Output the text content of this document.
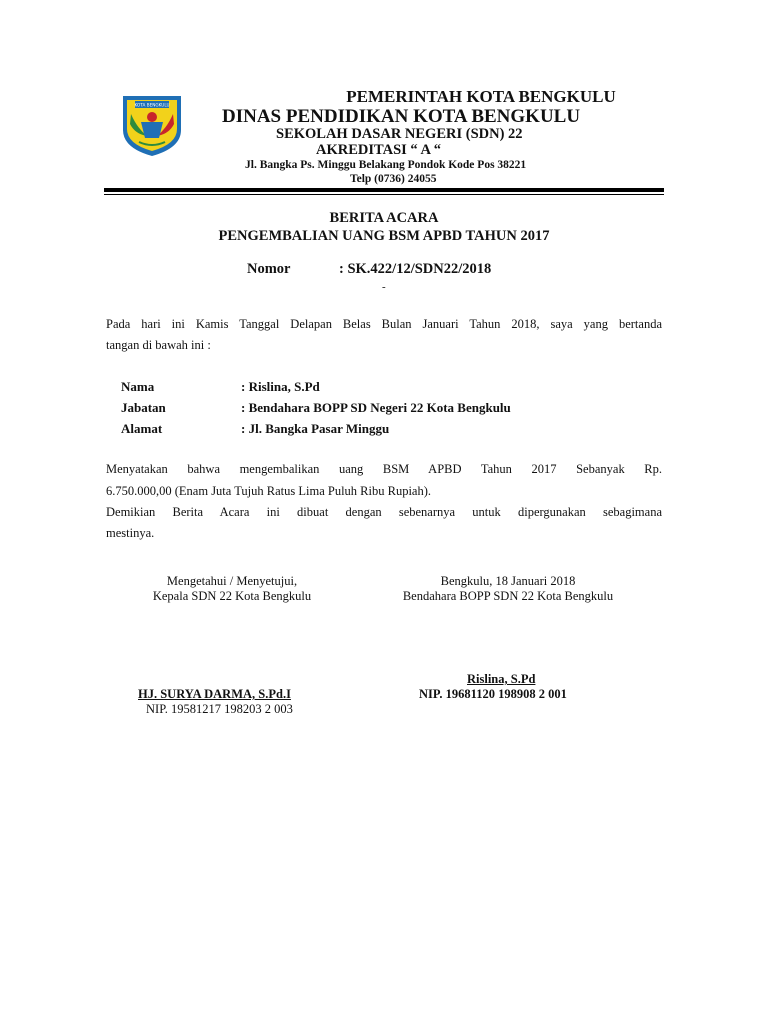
KOTA BENGKULU	PEMERINTAH KOTA BENGKULU
DINAS PENDIDIKAN KOTA BENGKULU
SEKOLAH DASAR NEGERI (SDN) 22
AKREDITASI “ A “
Jl. Bangka Ps. Minggu Belakang Pondok Kode Pos 38221
Telp (0736) 24055
BERITA ACARA
PENGEMBALIAN UANG BSM APBD TAHUN 2017
Nomor	: SK.422/12/SDN22/2018
-
Pada hari ini Kamis Tanggal Delapan Belas Bulan Januari Tahun 2018, saya yang bertanda
tangan di bawah ini :
Nama	: Rislina, S.Pd
Jabatan	: Bendahara BOPP SD Negeri 22 Kota Bengkulu
Alamat	: Jl. Bangka Pasar Minggu
Menyatakan bahwa mengembalikan uang BSM APBD Tahun 2017 Sebanyak Rp.
6.750.000,00 (Enam Juta Tujuh Ratus Lima Puluh Ribu Rupiah).
Demikian Berita Acara ini dibuat dengan sebenarnya untuk dipergunakan sebagimana
mestinya.
Mengetahui / Menyetujui,
Kepala SDN 22 Kota Bengkulu
Bengkulu, 18 Januari 2018
Bendahara BOPP SDN 22 Kota Bengkulu
Rislina, S.Pd
NIP. 19681120 198908 2 001
HJ. SURYA DARMA, S.Pd.I
NIP. 19581217 198203 2 003
